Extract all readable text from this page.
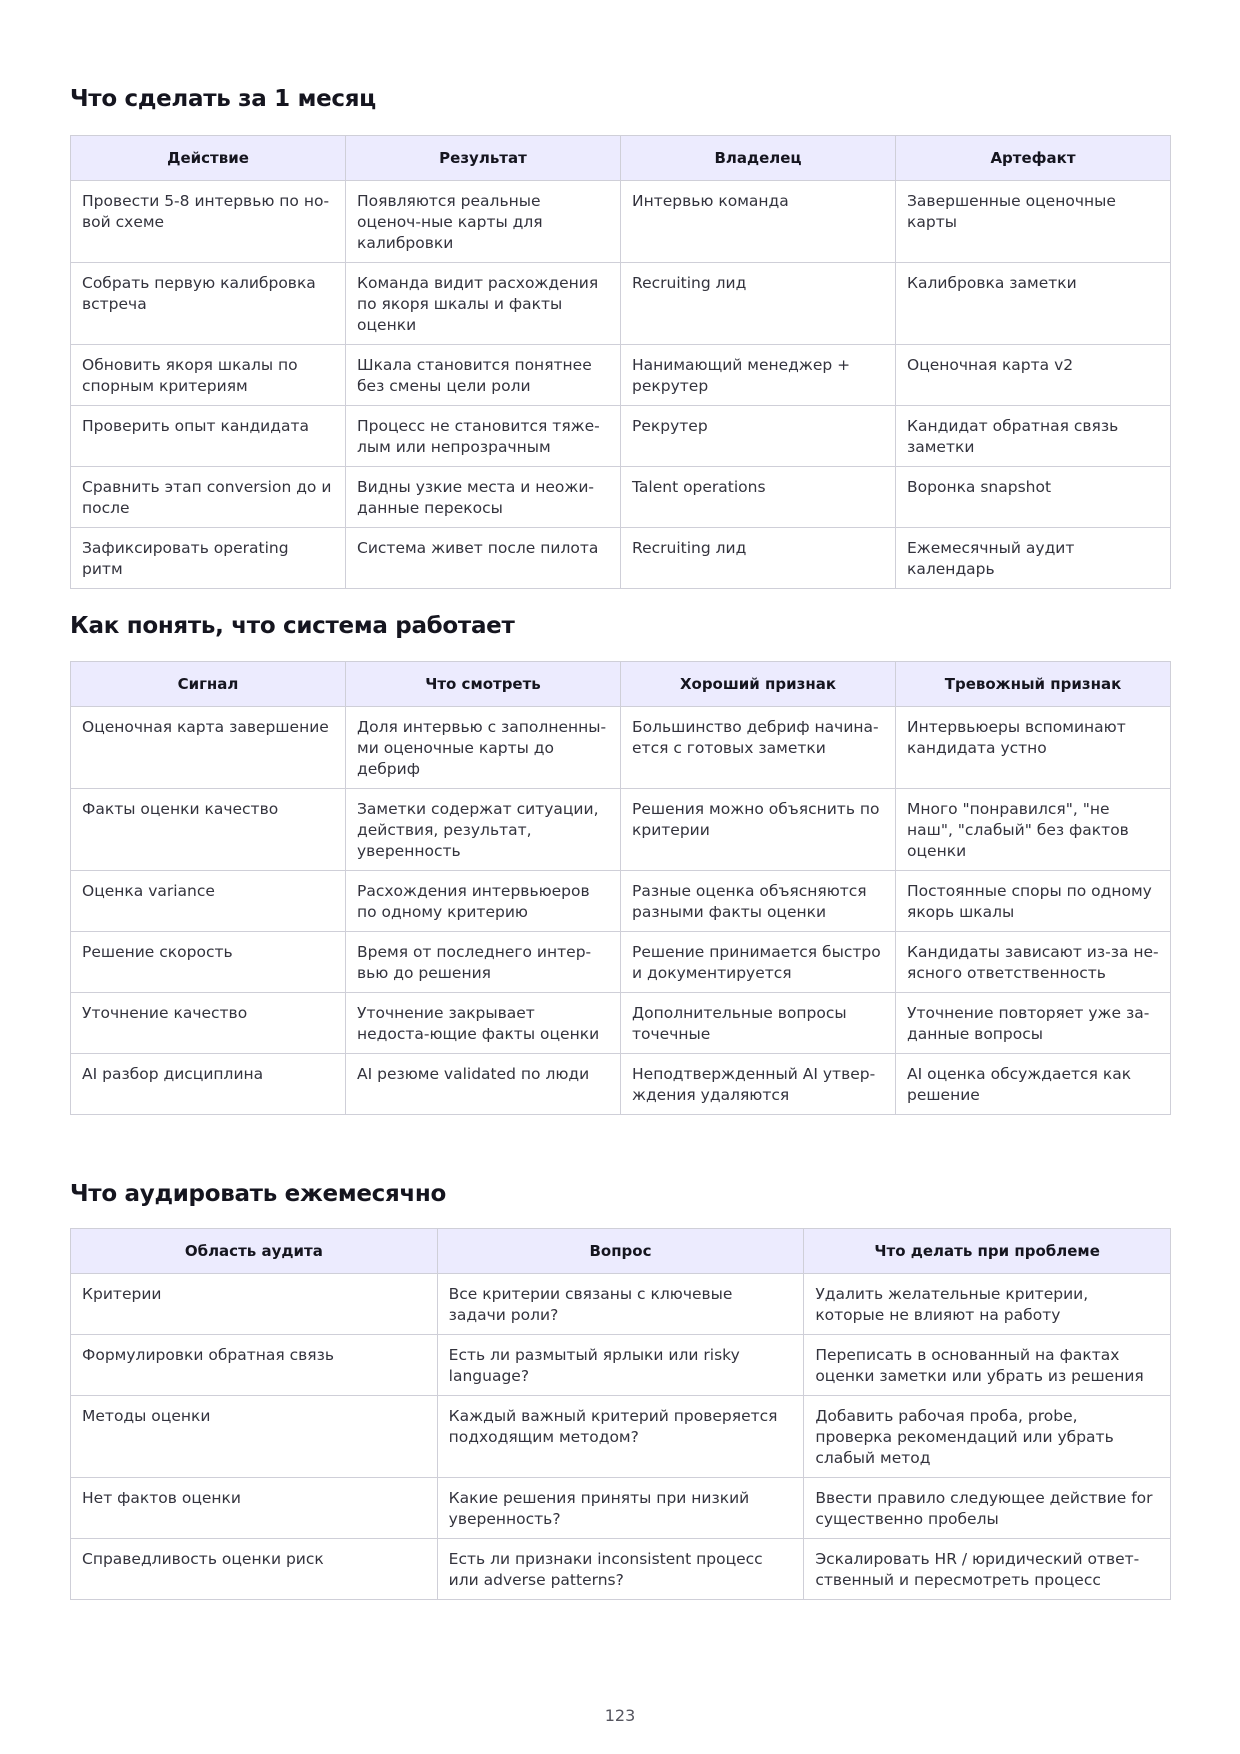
Что сделать за 1 месяц
Действие	Результат	Владелец	Артефакт
Провести 5-8 интервью по но-вой схеме	Появляются реальные оценоч-ные карты для калибровки	Интервью команда	Завершенные оценочные карты
Собрать первую калибровка встреча	Команда видит расхождения по якоря шкалы и факты оценки	Recruiting лид	Калибровка заметки
Обновить якоря шкалы по спорным критериям	Шкала становится понятнее без смены цели роли	Нанимающий менеджер + рекрутер	Оценочная карта v2
Проверить опыт кандидата	Процесс не становится тяже-лым или непрозрачным	Рекрутер	Кандидат обратная связь заметки
Сравнить этап conversion до и после	Видны узкие места и неожи-данные перекосы	Talent operations	Воронка snapshot
Зафиксировать operating ритм	Система живет после пилота	Recruiting лид	Ежемесячный аудит календарь
Как понять, что система работает
Сигнал	Что смотреть	Хороший признак	Тревожный признак
Оценочная карта завершение	Доля интервью с заполненны-ми оценочные карты до дебриф	Большинство дебриф начина-ется с готовых заметки	Интервьюеры вспоминают кандидата устно
Факты оценки качество	Заметки содержат ситуации, действия, результат, уверенность	Решения можно объяснить по критерии	Много "понравился", "не наш", "слабый" без фактов оценки
Оценка variance	Расхождения интервьюеров по одному критерию	Разные оценка объясняются разными факты оценки	Постоянные споры по одному якорь шкалы
Решение скорость	Время от последнего интер-вью до решения	Решение принимается быстро и документируется	Кандидаты зависают из-за не-ясного ответственность
Уточнение качество	Уточнение закрывает недоста-ющие факты оценки	Дополнительные вопросы точечные	Уточнение повторяет уже за-данные вопросы
AI разбор дисциплина	AI резюме validated по люди	Неподтвержденный AI утвер-ждения удаляются	AI оценка обсуждается как решение
Что аудировать ежемесячно
Область аудита	Вопрос	Что делать при проблеме
Критерии	Все критерии связаны с ключевые задачи роли?	Удалить желательные критерии, которые не влияют на работу
Формулировки обратная связь	Есть ли размытый ярлыки или risky language?	Переписать в основанный на фактах оценки заметки или убрать из решения
Методы оценки	Каждый важный критерий проверяется подходящим методом?	Добавить рабочая проба, probe, проверка рекомендаций или убрать слабый метод
Нет фактов оценки	Какие решения приняты при низкий уверенность?	Ввести правило следующее действие for существенно пробелы
Справедливость оценки риск	Есть ли признаки inconsistent процесс или adverse patterns?	Эскалировать HR / юридический ответ-ственный и пересмотреть процесс
123
